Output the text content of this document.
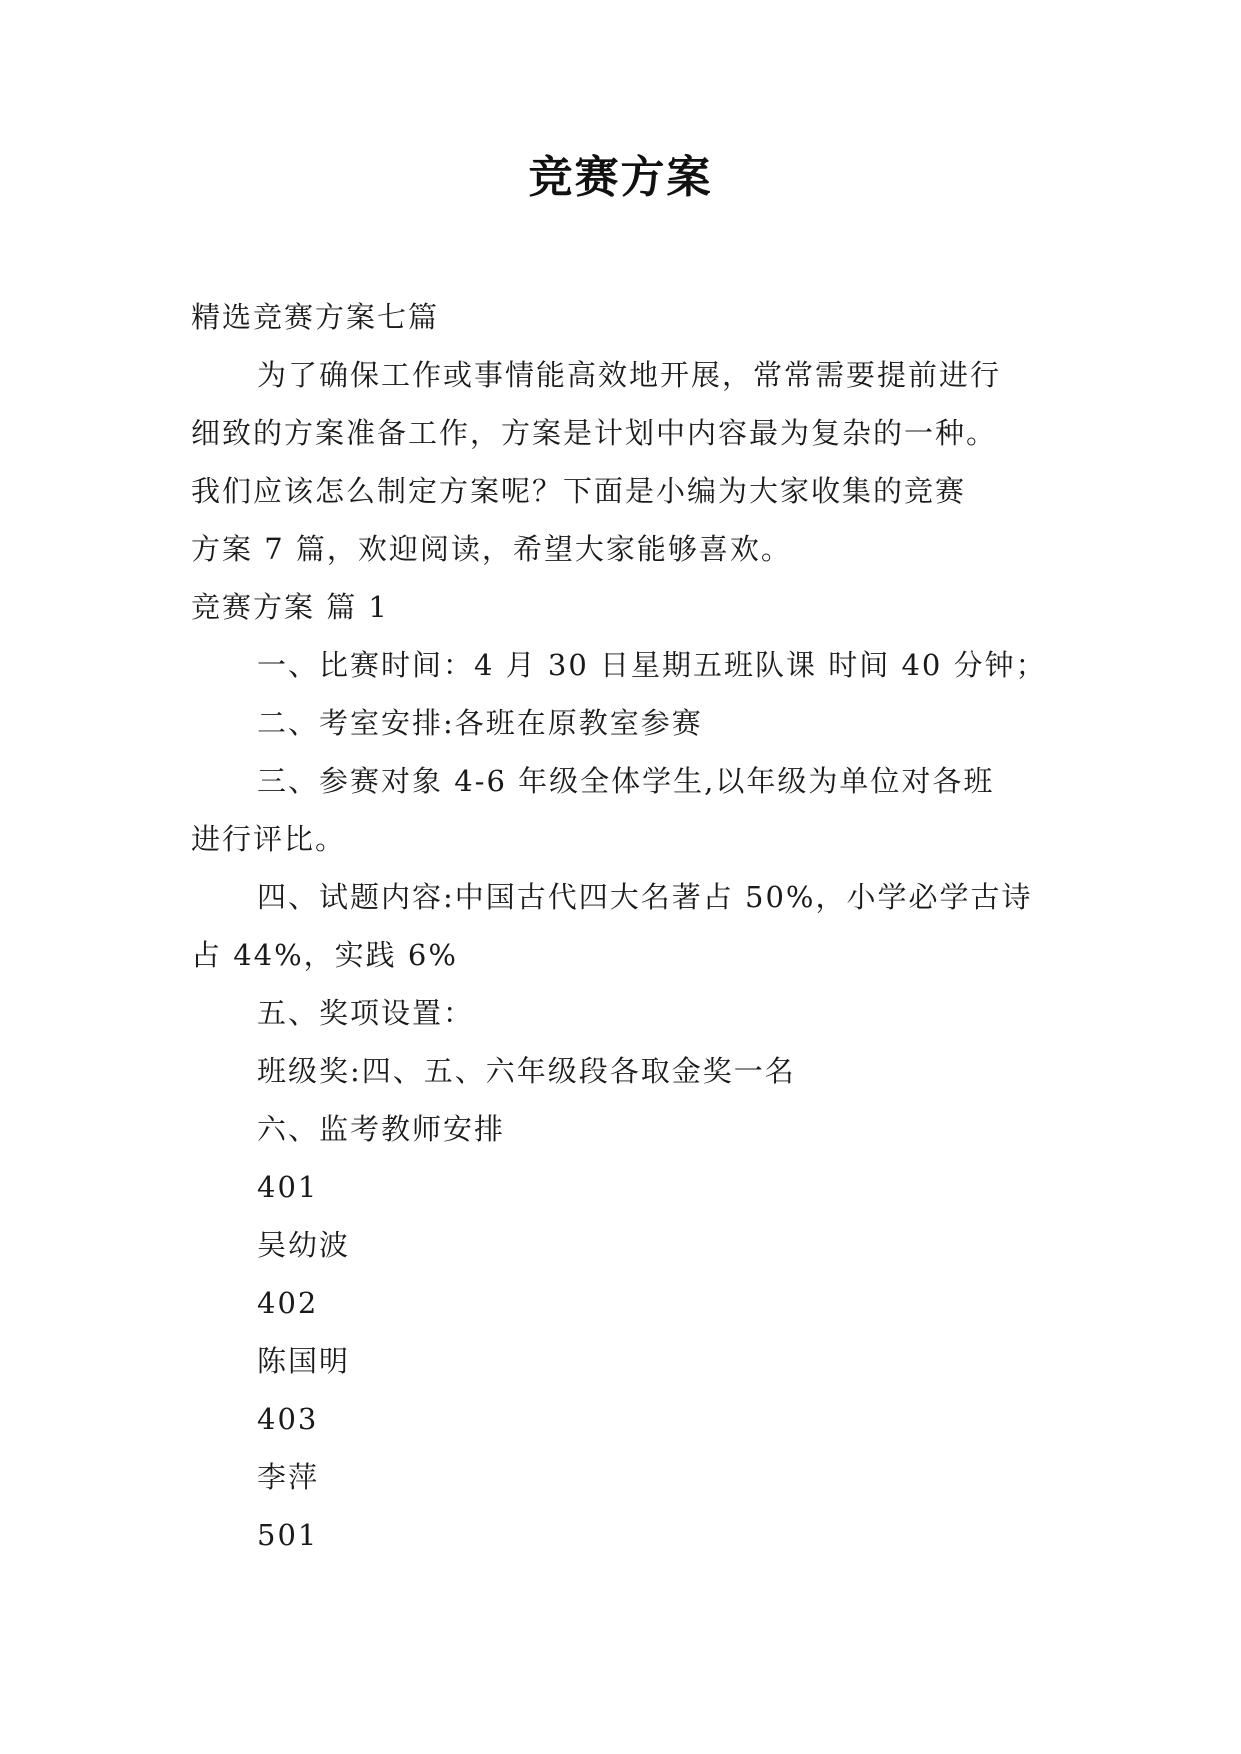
竞赛方案
精选竞赛方案七篇
为了确保工作或事情能高效地开展，常常需要提前进行
细致的方案准备工作，方案是计划中内容最为复杂的一种。
我们应该怎么制定方案呢？下面是小编为大家收集的竞赛
方案 7 篇，欢迎阅读，希望大家能够喜欢。
竞赛方案 篇 1
一、比赛时间：4 月 30 日星期五班队课 时间 40 分钟；
二、考室安排:各班在原教室参赛
三、参赛对象 4-6 年级全体学生,以年级为单位对各班
进行评比。
四、试题内容:中国古代四大名著占 50%，小学必学古诗
占 44%，实践 6%
五、奖项设置：
班级奖:四、五、六年级段各取金奖一名
六、监考教师安排
401
吴幼波
402
陈国明
403
李萍
501
